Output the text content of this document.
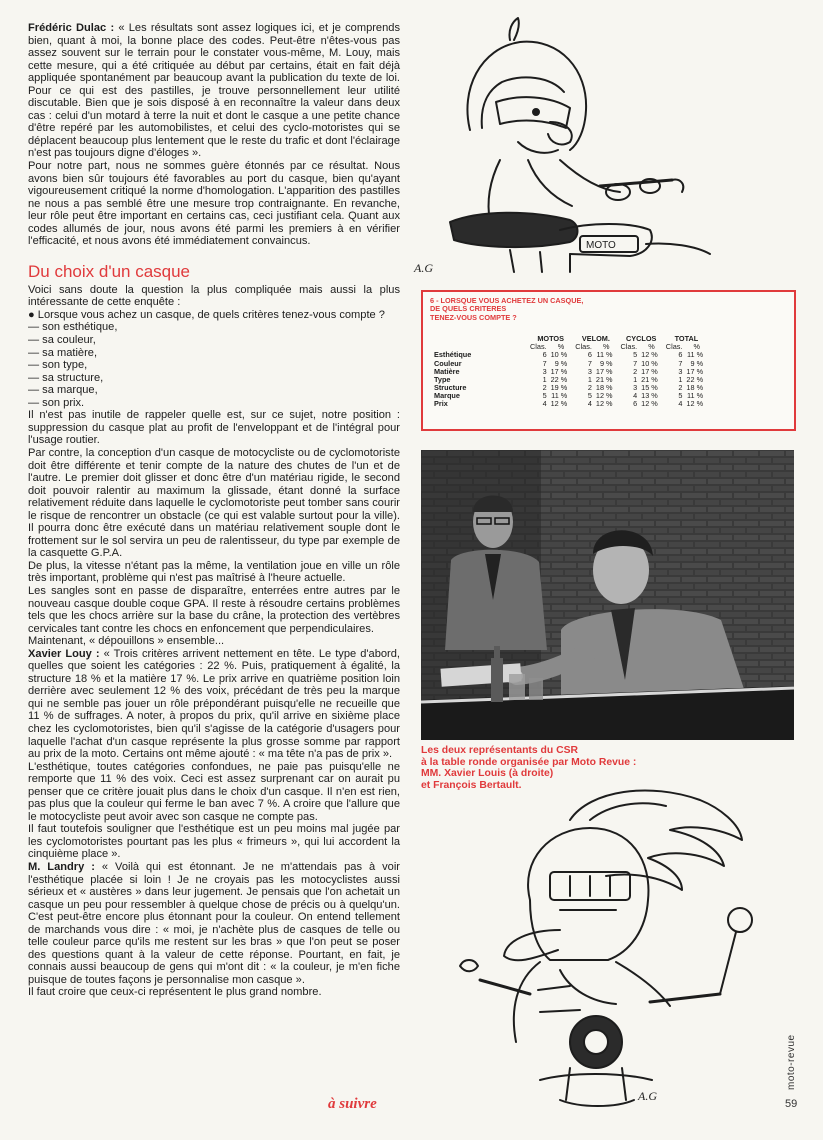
Frédéric Dulac : « Les résultats sont assez logiques ici, et je comprends bien, quant à moi, la bonne place des codes. Peut-être n'êtes-vous pas assez souvent sur le terrain pour le constater vous-même, M. Louy, mais cette mesure, qui a été critiquée au début par certains, était en fait déjà appliquée spontanément par beaucoup avant la publication du texte de loi. Pour ce qui est des pastilles, je trouve personnellement leur utilité discutable. Bien que je sois disposé à en reconnaître la valeur dans deux cas : celui d'un motard à terre la nuit et dont le casque a une petite chance d'être repéré par les automobilistes, et celui des cyclo-motoristes qui se déplacent beaucoup plus lentement que le reste du trafic et dont l'éclairage n'est pas toujours digne d'éloges ».

Pour notre part, nous ne sommes guère étonnés par ce résultat. Nous avons bien sûr toujours été favorables au port du casque, bien qu'ayant vigoureusement critiqué la norme d'homologation. L'apparition des pastilles ne nous a pas semblé être une mesure trop contraignante. En revanche, leur rôle peut être important en certains cas, ceci justifiant cela. Quant aux codes allumés de jour, nous avons été parmi les premiers à en vérifier l'efficacité, et nous avons été immédiatement convaincus.

Du choix d'un casque

Voici sans doute la question la plus compliquée mais aussi la plus intéressante de cette enquête :

● Lorsque vous achez un casque, de quels critères tenez-vous compte ?

— son esthétique,

— sa couleur,

— sa matière,

— son type,

— sa structure,

— sa marque,

— son prix.

Il n'est pas inutile de rappeler quelle est, sur ce sujet, notre position : suppression du casque plat au profit de l'enveloppant et de l'intégral pour l'usage routier.

Par contre, la conception d'un casque de motocycliste ou de cyclomotoriste doit être différente et tenir compte de la nature des chutes de l'un et de l'autre. Le premier doit glisser et donc être d'un matériau rigide, le second doit pouvoir ralentir au maximum la glissade, étant donné la surface relativement réduite dans laquelle le cyclomotoriste peut tomber sans courir le risque de rencontrer un obstacle (ce qui est valable surtout pour la ville). Il pourra donc être exécuté dans un matériau relativement souple dont le frottement sur le sol servira un peu de ralentisseur, du type par exemple de la casquette G.P.A.

De plus, la vitesse n'étant pas la même, la ventilation joue en ville un rôle très important, problème qui n'est pas maîtrisé à l'heure actuelle.

Les sangles sont en passe de disparaître, enterrées entre autres par le nouveau casque double coque GPA. Il reste à résoudre certains problèmes tels que les chocs arrière sur la base du crâne, la protection des vertèbres cervicales tant contre les chocs en enfoncement que perpendiculaires.

Maintenant, « dépouillons » ensemble...

Xavier Louy : « Trois critères arrivent nettement en tête. Le type d'abord, quelles que soient les catégories : 22 %. Puis, pratiquement à égalité, la structure 18 % et la matière 17 %. Le prix arrive en quatrième position loin derrière avec seulement 12 % des voix, précédant de très peu la marque qui ne semble pas jouer un rôle prépondérant puisqu'elle ne recueille que 11 % de suffrages. A noter, à propos du prix, qu'il arrive en sixième place chez les cyclomotoristes, bien qu'il s'agisse de la catégorie d'usagers pour laquelle l'achat d'un casque représente la plus grosse somme par rapport au prix de la moto. Certains ont même ajouté : « ma tête n'a pas de prix ».

L'esthétique, toutes catégories confondues, ne paie pas puisqu'elle ne remporte que 11 % des voix. Ceci est assez surprenant car on aurait pu penser que ce critère jouait plus dans le choix d'un casque. Il n'en est rien, pas plus que la couleur qui ferme le ban avec 7 %. A croire que l'allure que le motocycliste peut avoir avec son casque ne compte pas.

Il faut toutefois souligner que l'esthétique est un peu moins mal jugée par les cyclomotoristes pourtant pas les plus « frimeurs », qui lui accordent la cinquième place ».

M. Landry : « Voilà qui est étonnant. Je ne m'attendais pas à voir l'esthétique placée si loin ! Je ne croyais pas les motocyclistes aussi sérieux et « austères » dans leur jugement. Je pensais que l'on achetait un casque un peu pour ressembler à quelque chose de précis ou à quelqu'un. C'est peut-être encore plus étonnant pour la couleur. On entend tellement de marchands vous dire : « moi, je n'achète plus de casques de telle ou telle couleur parce qu'ils me restent sur les bras » que l'on peut se poser des questions quant à la valeur de cette réponse. Pourtant, en fait, je connais aussi beaucoup de gens qui m'ont dit : « la couleur, je m'en fiche puisque de toutes façons je personnalise mon casque ».

Il faut croire que ceux-ci représentent le plus grand nombre.

à suivre
MOTO
A.G
6 - LORSQUE VOUS ACHETEZ UN CASQUE,
DE QUELS CRITERES
TENEZ-VOUS COMPTE ?
	MOTOS		VELOM.		CYCLOS		TOTAL	
	Clas.	%	Clas.	%	Clas.	%	Clas.	%
Esthétique	6	10 %	6	11 %	5	12 %	6	11 %
Couleur	7	9 %	7	9 %	7	10 %	7	9 %
Matière	3	17 %	3	17 %	2	17 %	3	17 %
Type	1	22 %	1	21 %	1	21 %	1	22 %
Structure	2	19 %	2	18 %	3	15 %	2	18 %
Marque	5	11 %	5	12 %	4	13 %	5	11 %
Prix	4	12 %	4	12 %	6	12 %	4	12 %
Les deux représentants du CSR
à la table ronde organisée par Moto Revue :
MM. Xavier Louis (à droite)
et François Bertault.
A.G
moto-revue
59
